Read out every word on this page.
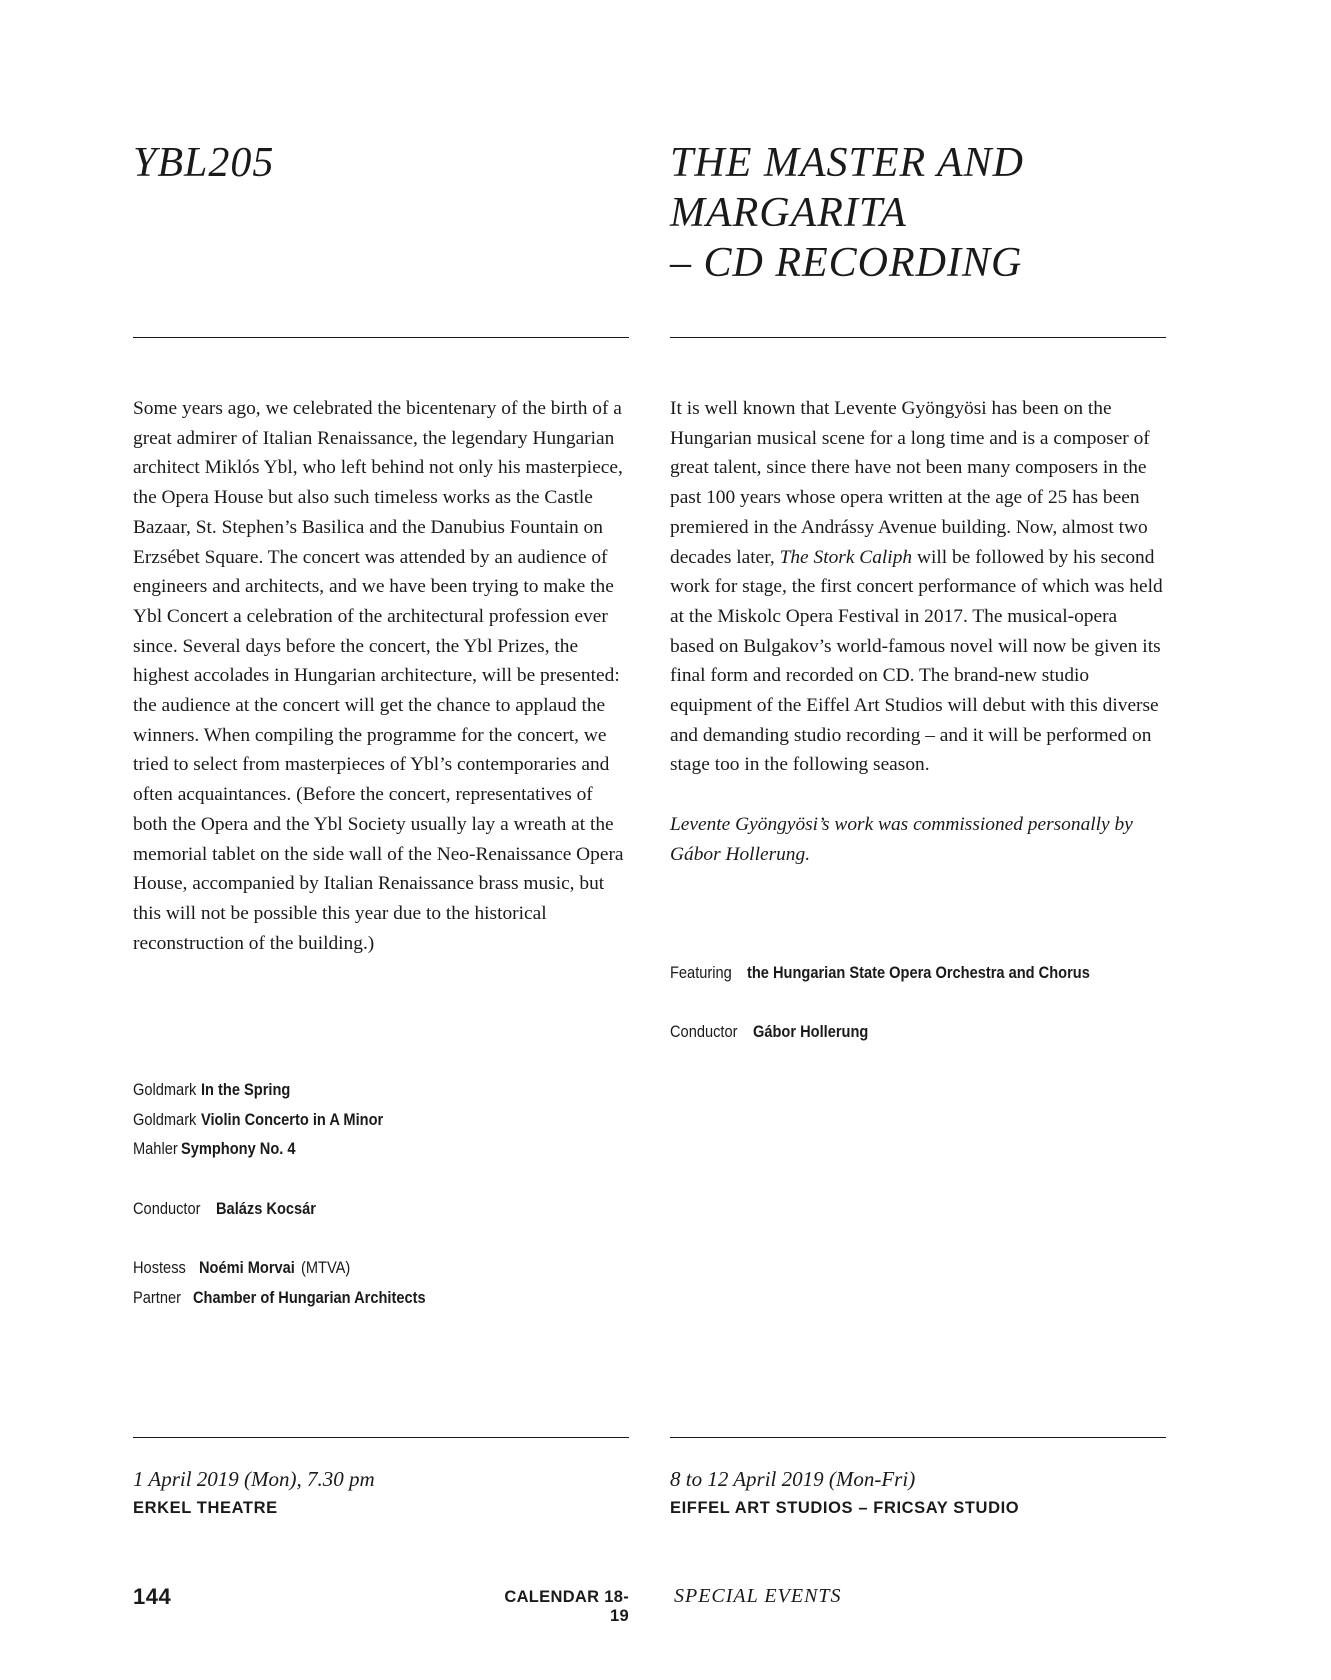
YBL205

Some years ago, we celebrated the bicentenary of the birth of a great admirer of Italian Renaissance, the legendary Hungarian architect Miklós Ybl, who left behind not only his masterpiece, the Opera House but also such timeless works as the Castle Bazaar, St. Stephen’s Basilica and the Danubius Fountain on Erzsébet Square. The concert was attended by an audience of engineers and architects, and we have been trying to make the Ybl Concert a celebration of the architectural profession ever since. Several days before the concert, the Ybl Prizes, the highest accolades in Hungarian architecture, will be presented: the audience at the concert will get the chance to applaud the winners. When compiling the programme for the concert, we tried to select from masterpieces of Ybl’s contemporaries and often acquaintances. (Before the concert, representatives of both the Opera and the Ybl Society usually lay a wreath at the memorial tablet on the side wall of the Neo-Renaissance Opera House, accompanied by Italian Renaissance brass music, but this will not be possible this year due to the historical reconstruction of the building.)

Goldmark In the Spring
Goldmark Violin Concerto in A Minor
Mahler Symphony No. 4
Conductor Balázs Kocsár
Hostess Noémi Morvai (MTVA)
Partner Chamber of Hungarian Architects

1 April 2019 (Mon), 7.30 pm

ERKEL THEATRE

THE MASTER AND
MARGARITA
– CD RECORDING

It is well known that Levente Gyöngyösi has been on the Hungarian musical scene for a long time and is a composer of great talent, since there have not been many composers in the past 100 years whose opera written at the age of 25 has been premiered in the Andrássy Avenue building. Now, almost two decades later, The Stork Caliph will be followed by his second work for stage, the first concert performance of which was held at the Miskolc Opera Festival in 2017. The musical-opera based on Bulgakov’s world-famous novel will now be given its final form and recorded on CD. The brand-new studio equipment of the Eiffel Art Studios will debut with this diverse and demanding studio recording – and it will be performed on stage too in the following season.

Levente Gyöngyösi’s work was commissioned personally by Gábor Hollerung.

Featuring the Hungarian State Opera Orchestra and Chorus
Conductor Gábor Hollerung

8 to 12 April 2019 (Mon-Fri)

EIFFEL ART STUDIOS – FRICSAY STUDIO

144	CALENDAR 18-19
SPECIAL EVENTS
